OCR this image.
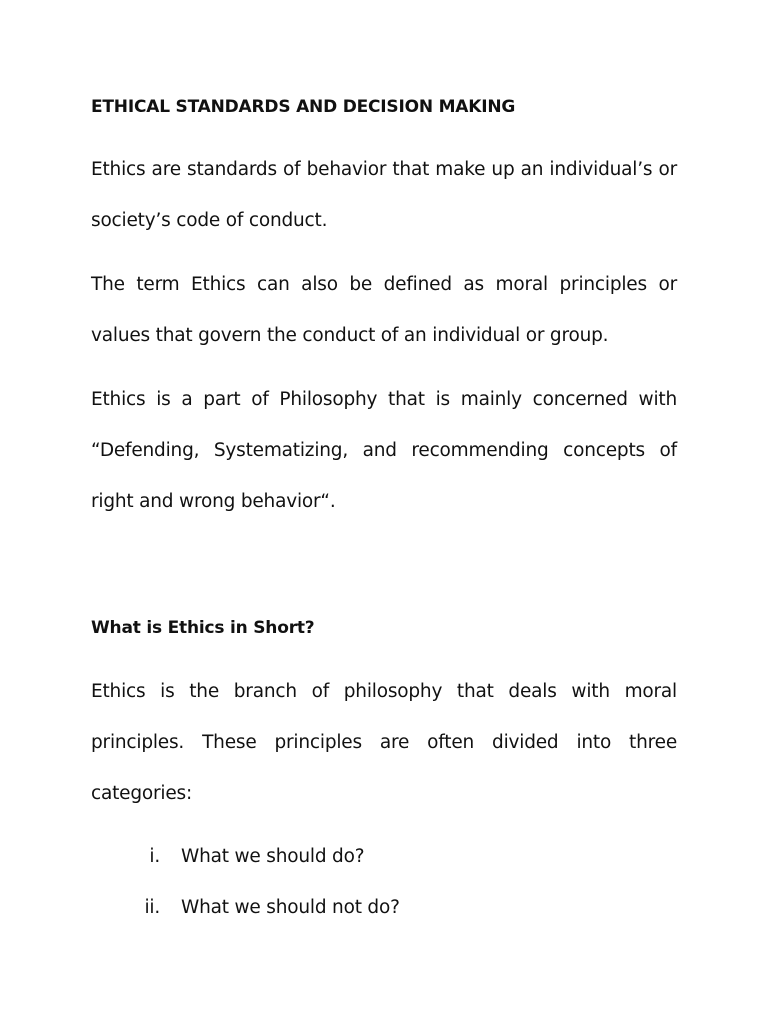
ETHICAL STANDARDS AND DECISION MAKING

Ethics are standards of behavior that make up an individual’s or society’s code of conduct.

The term Ethics can also be defined as moral principles or values that govern the conduct of an individual or group.

Ethics is a part of Philosophy that is mainly concerned with “Defending, Systematizing, and recommending concepts of right and wrong behavior“.

What is Ethics in Short?

Ethics is the branch of philosophy that deals with moral principles. These principles are often divided into three categories:

i. What we should do?
ii. What we should not do?
